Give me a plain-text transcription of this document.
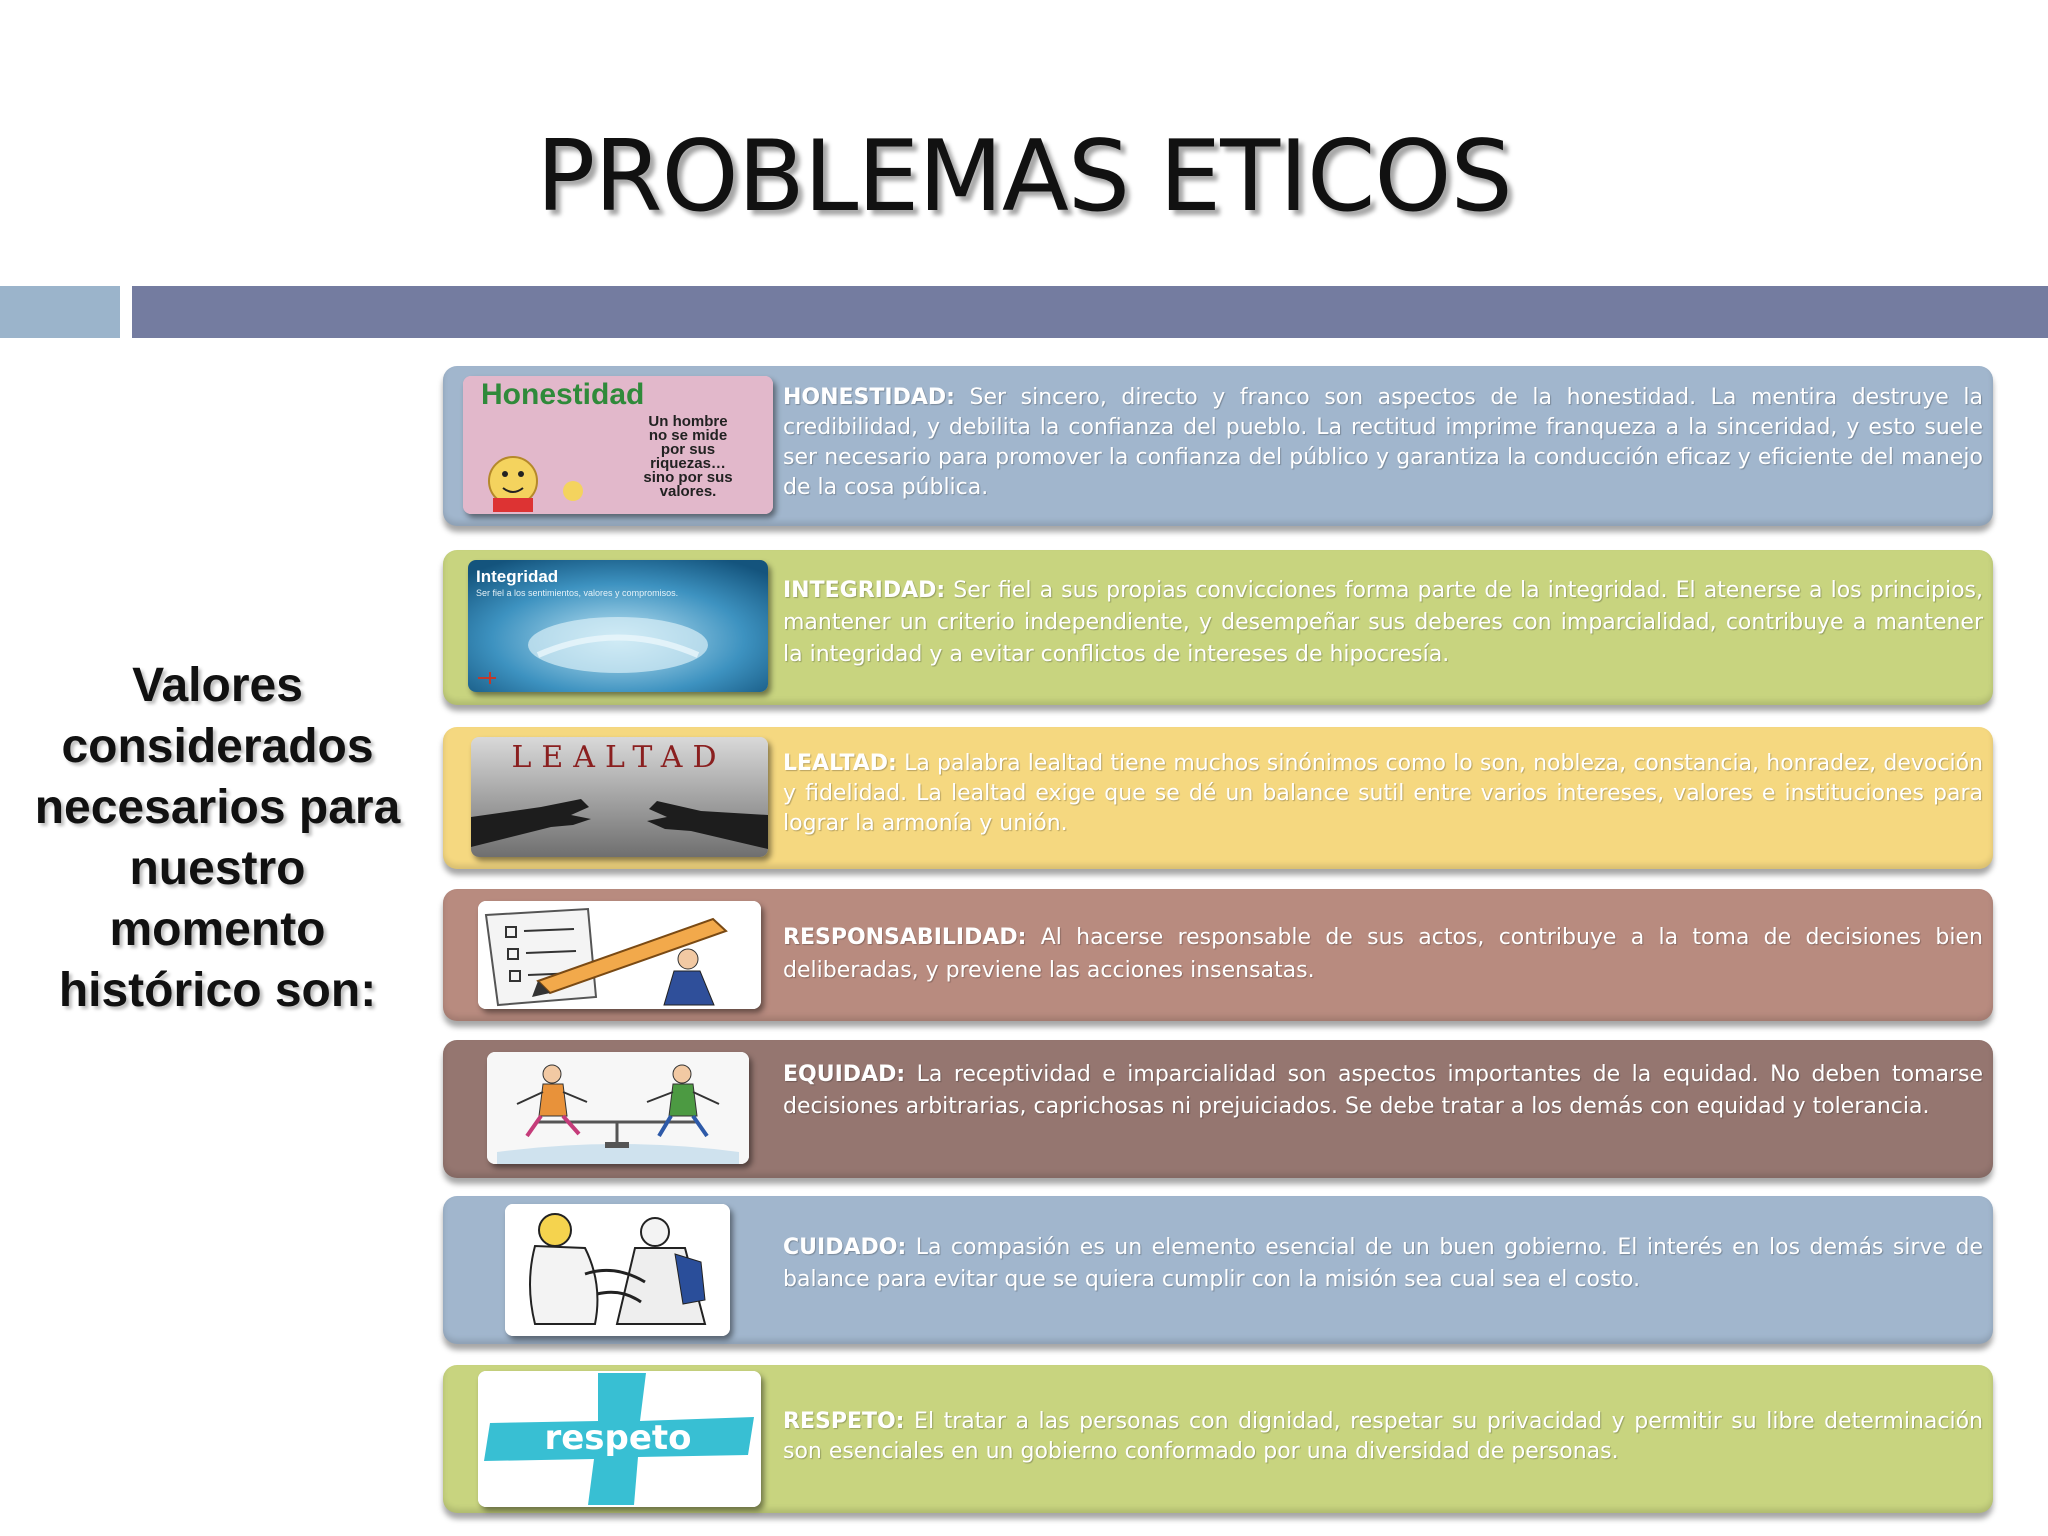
PROBLEMAS ETICOS
Valores considerados necesarios para nuestro momento histórico son:
Honestidad
Un hombre
no se mide
por sus
riquezas…
sino por sus
valores.
HONESTIDAD: Ser sincero, directo y franco son aspectos de la honestidad. La mentira destruye la credibilidad, y debilita la confianza del pueblo. La rectitud imprime franqueza a la sinceridad, y esto suele ser necesario para promover la confianza del público y garantiza la conducción eficaz y eficiente del manejo de la cosa pública.
Integridad
Ser fiel a los sentimientos, valores y compromisos.	INTEGRIDAD: Ser fiel a sus propias convicciones forma parte de la integridad. El atenerse a los principios, mantener un criterio independiente, y desempeñar sus deberes con imparcialidad, contribuye a mantener la integridad y a evitar conflictos de intereses de hipocresía.
LEALTAD	LEALTAD: La palabra lealtad tiene muchos sinónimos como lo son, nobleza, constancia, honradez, devoción y fidelidad. La lealtad exige que se dé un balance sutil entre varios intereses, valores e instituciones para lograr la armonía y unión.
RESPONSABILIDAD: Al hacerse responsable de sus actos, contribuye a la toma de decisiones bien deliberadas, y previene las acciones insensatas.
EQUIDAD: La receptividad e imparcialidad son aspectos importantes de la equidad. No deben tomarse decisiones arbitrarias, caprichosas ni prejuiciados. Se debe tratar a los demás con equidad y tolerancia.
CUIDADO: La compasión es un elemento esencial de un buen gobierno. El interés en los demás sirve de balance para evitar que se quiera cumplir con la misión sea cual sea el costo.
respeto	RESPETO: El tratar a las personas con dignidad, respetar su privacidad y permitir su libre determinación son esenciales en un gobierno conformado por una diversidad de personas.
